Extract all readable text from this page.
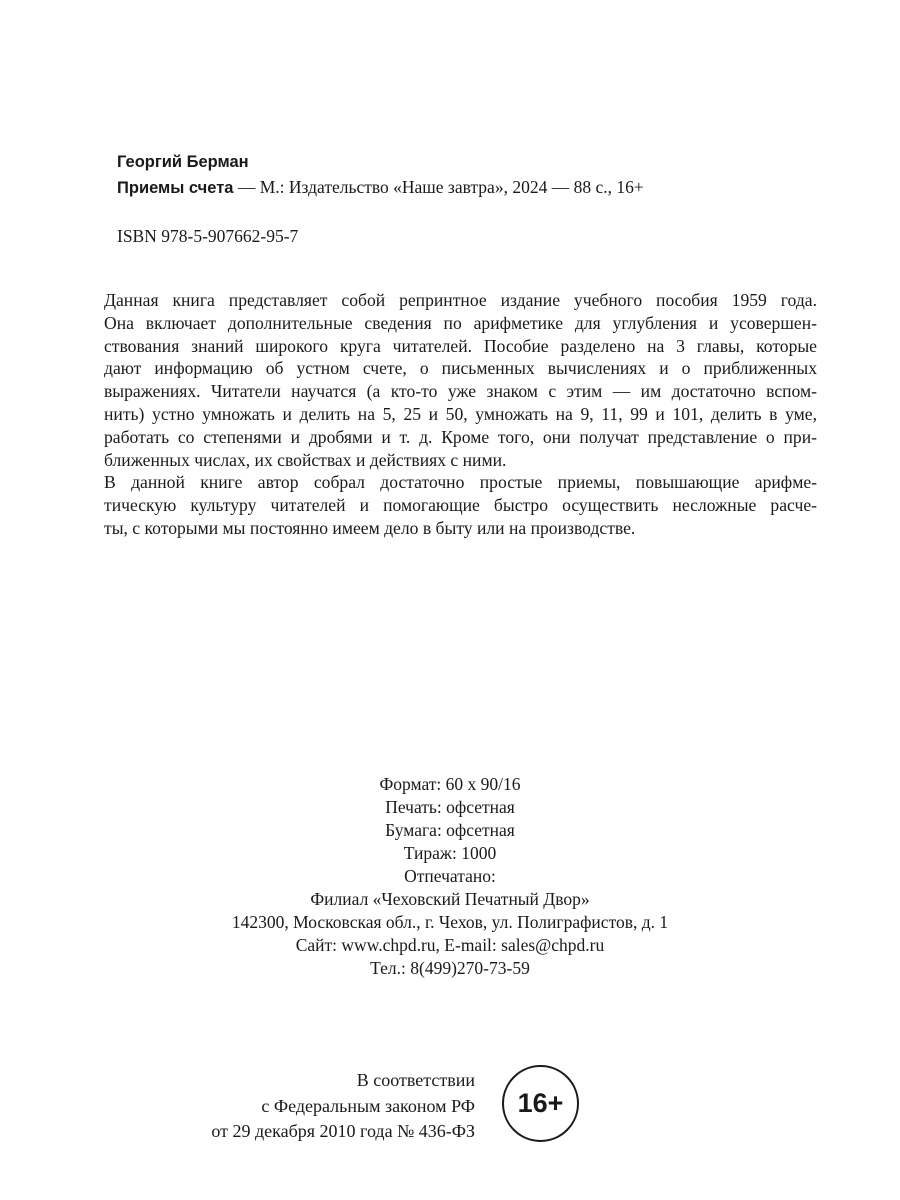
Георгий Берман
Приемы счета — М.: Издательство «Наше завтра», 2024 — 88 с., 16+
ISBN 978-5-907662-95-7

Данная книга представляет собой репринтное издание учебного пособия 1959 года.
Она включает дополнительные сведения по арифметике для углубления и усовершен-
ствования знаний широкого круга читателей. Пособие разделено на 3 главы, которые
дают информацию об устном счете, о письменных вычислениях и о приближенных
выражениях. Читатели научатся (а кто-то уже знаком с этим — им достаточно вспом-
нить) устно умножать и делить на 5, 25 и 50, умножать на 9, 11, 99 и 101, делить в уме,
работать со степенями и дробями и т. д. Кроме того, они получат представление о при-
ближенных числах, их свойствах и действиях с ними.

В данной книге автор собрал достаточно простые приемы, повышающие арифме-
тическую культуру читателей и помогающие быстро осуществить несложные расче-
ты, с которыми мы постоянно имеем дело в быту или на производстве.

Формат: 60 x 90/16
Печать: офсетная
Бумага: офсетная
Тираж: 1000
Отпечатано:
Филиал «Чеховский Печатный Двор»
142300, Московская обл., г. Чехов, ул. Полиграфистов, д. 1
Сайт: www.chpd.ru, E-mail: sales@chpd.ru
Тел.: 8(499)270-73-59
В соответствии
с Федеральным законом РФ
от 29 декабря 2010 года № 436-ФЗ
16+
